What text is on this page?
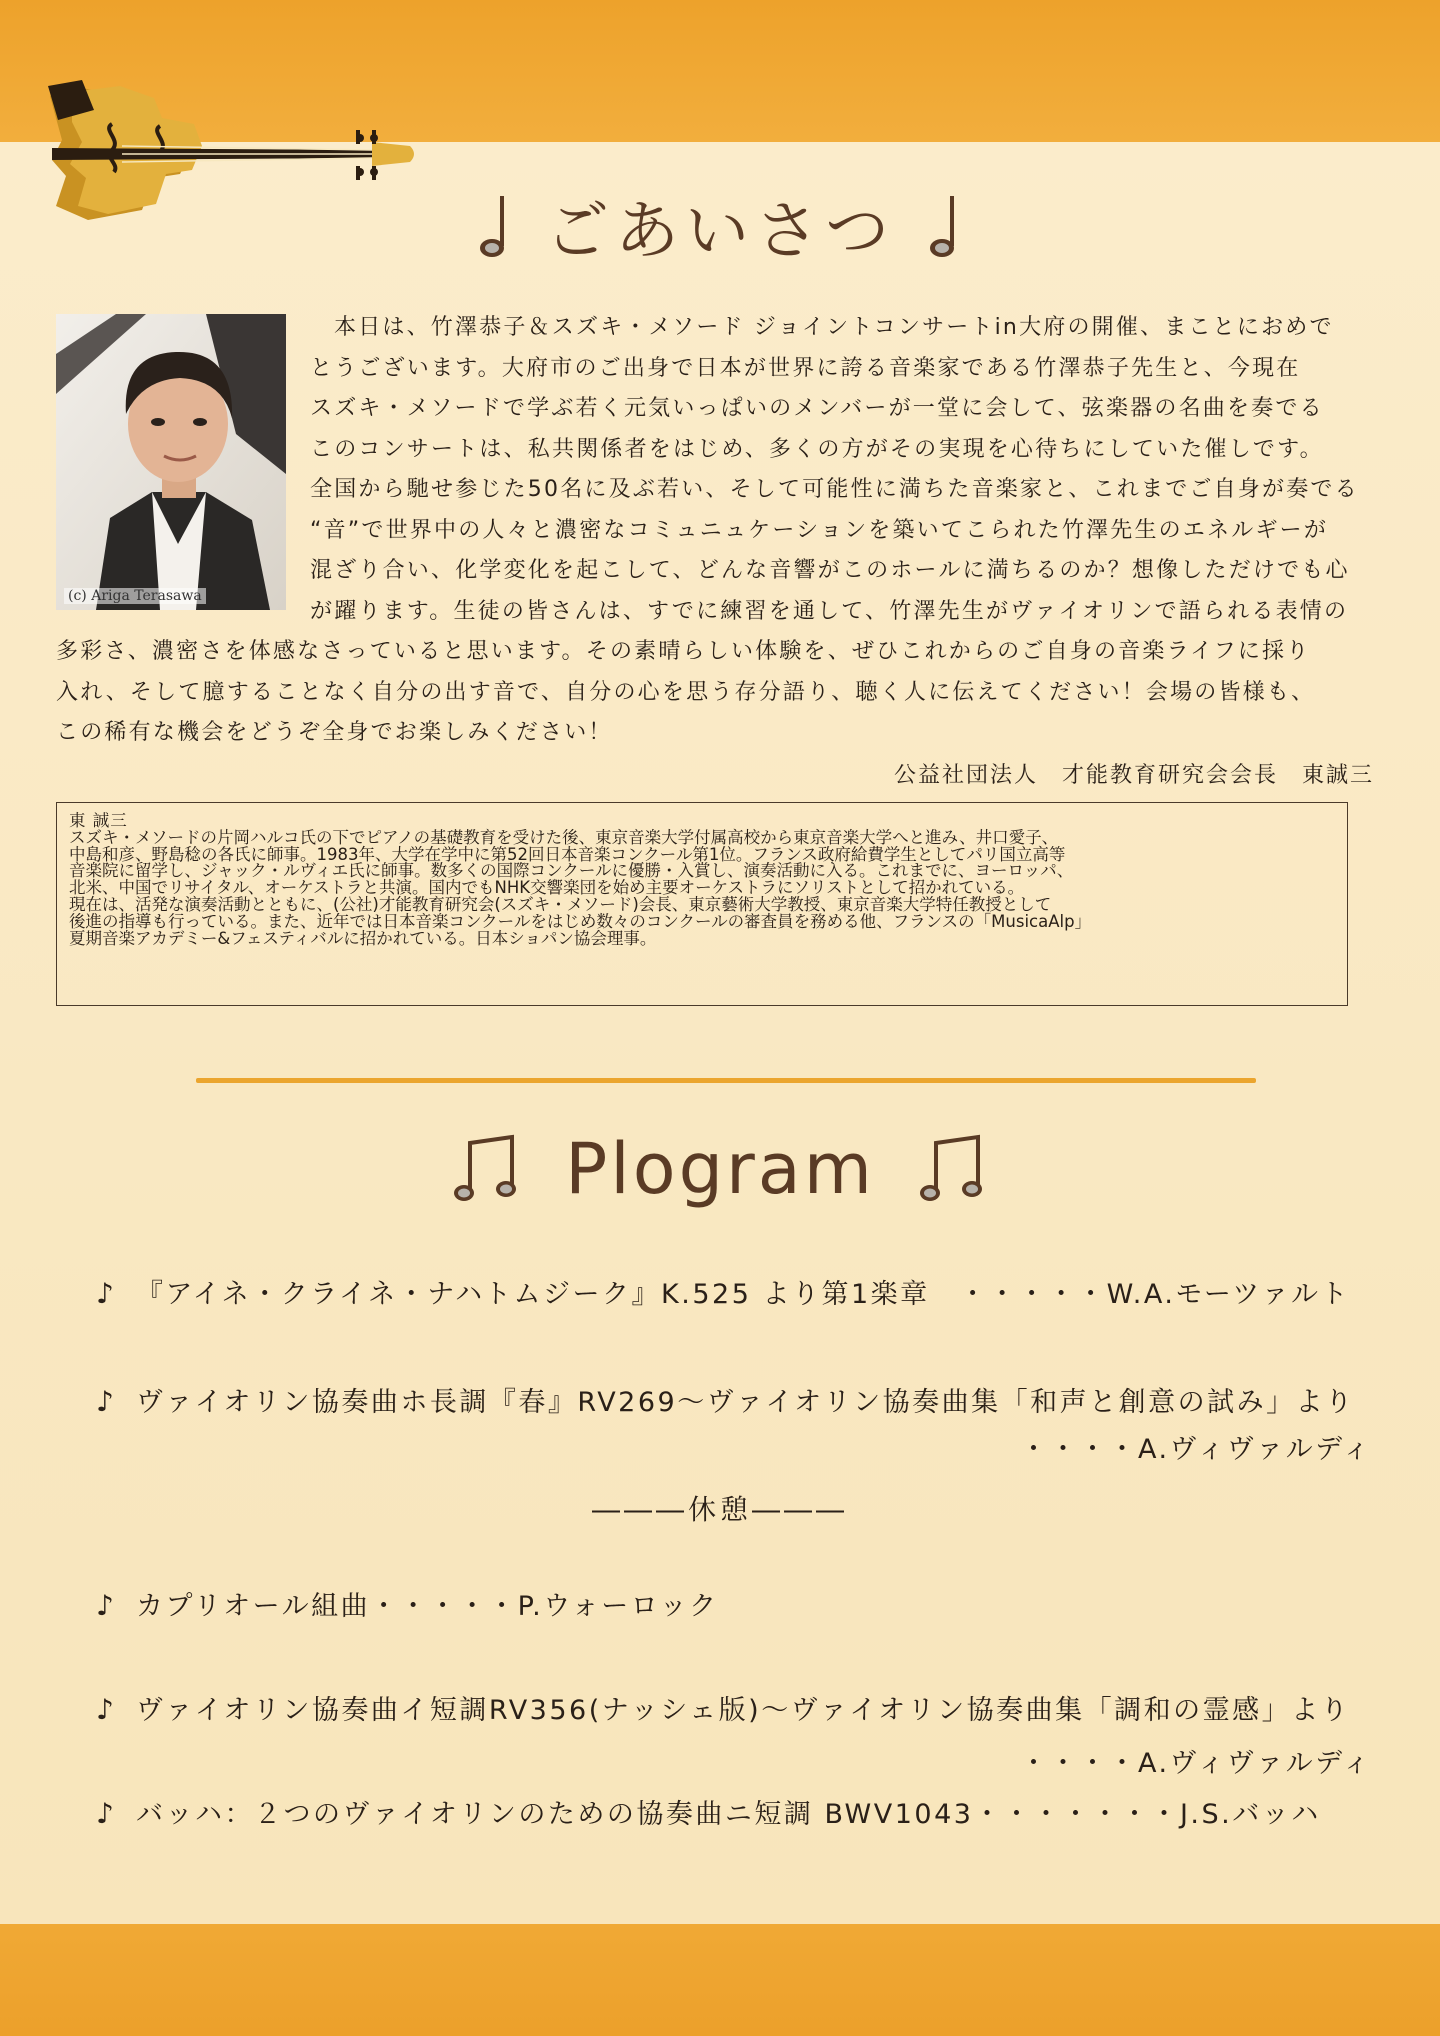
ごあいさつ
(c) Ariga Terasawa
本日は、竹澤恭子＆スズキ・メソード ジョイントコンサートin大府の開催、まことにおめで
とうございます。大府市のご出身で日本が世界に誇る音楽家である竹澤恭子先生と、今現在
スズキ・メソードで学ぶ若く元気いっぱいのメンバーが一堂に会して、弦楽器の名曲を奏でる
このコンサートは、私共関係者をはじめ、多くの方がその実現を心待ちにしていた催しです。
全国から馳せ参じた50名に及ぶ若い、そして可能性に満ちた音楽家と、これまでご自身が奏でる
“音”で世界中の人々と濃密なコミュニュケーションを築いてこられた竹澤先生のエネルギーが
混ざり合い、化学変化を起こして、どんな音響がこのホールに満ちるのか？想像しただけでも心
が躍ります。生徒の皆さんは、すでに練習を通して、竹澤先生がヴァイオリンで語られる表情の
多彩さ、濃密さを体感なさっていると思います。その素晴らしい体験を、ぜひこれからのご自身の音楽ライフに採り
入れ、そして臆することなく自分の出す音で、自分の心を思う存分語り、聴く人に伝えてください！会場の皆様も、
この稀有な機会をどうぞ全身でお楽しみください！
公益社団法人　才能教育研究会会長　東誠三
東 誠三
スズキ・メソードの片岡ハルコ氏の下でピアノの基礎教育を受けた後、東京音楽大学付属高校から東京音楽大学へと進み、井口愛子、
中島和彦、野島稔の各氏に師事。1983年、大学在学中に第52回日本音楽コンクール第1位。フランス政府給費学生としてパリ国立高等
音楽院に留学し、ジャック・ルヴィエ氏に師事。数多くの国際コンクールに優勝・入賞し、演奏活動に入る。これまでに、ヨーロッパ、
北米、中国でリサイタル、オーケストラと共演。国内でもNHK交響楽団を始め主要オーケストラにソリストとして招かれている。
現在は、活発な演奏活動とともに、(公社)才能教育研究会(スズキ・メソード)会長、東京藝術大学教授、東京音楽大学特任教授として
後進の指導も行っている。また、近年では日本音楽コンクールをはじめ数々のコンクールの審査員を務める他、フランスの「MusicaAlp」
夏期音楽アカデミー&フェスティバルに招かれている。日本ショパン協会理事。
Plogram
♪ 『アイネ・クライネ・ナハトムジーク』K.525 より第1楽章　・・・・・W.A.モーツァルト
♪ ヴァイオリン協奏曲ホ長調『春』RV269～ヴァイオリン協奏曲集「和声と創意の試み」より
・・・・A.ヴィヴァルディ
―――休憩―――
♪ カプリオール組曲・・・・・P.ウォーロック
♪ ヴァイオリン協奏曲イ短調RV356(ナッシェ版)～ヴァイオリン協奏曲集「調和の霊感」より
・・・・A.ヴィヴァルディ
♪ バッハ：２つのヴァイオリンのための協奏曲ニ短調 BWV1043・・・・・・・J.S.バッハ
